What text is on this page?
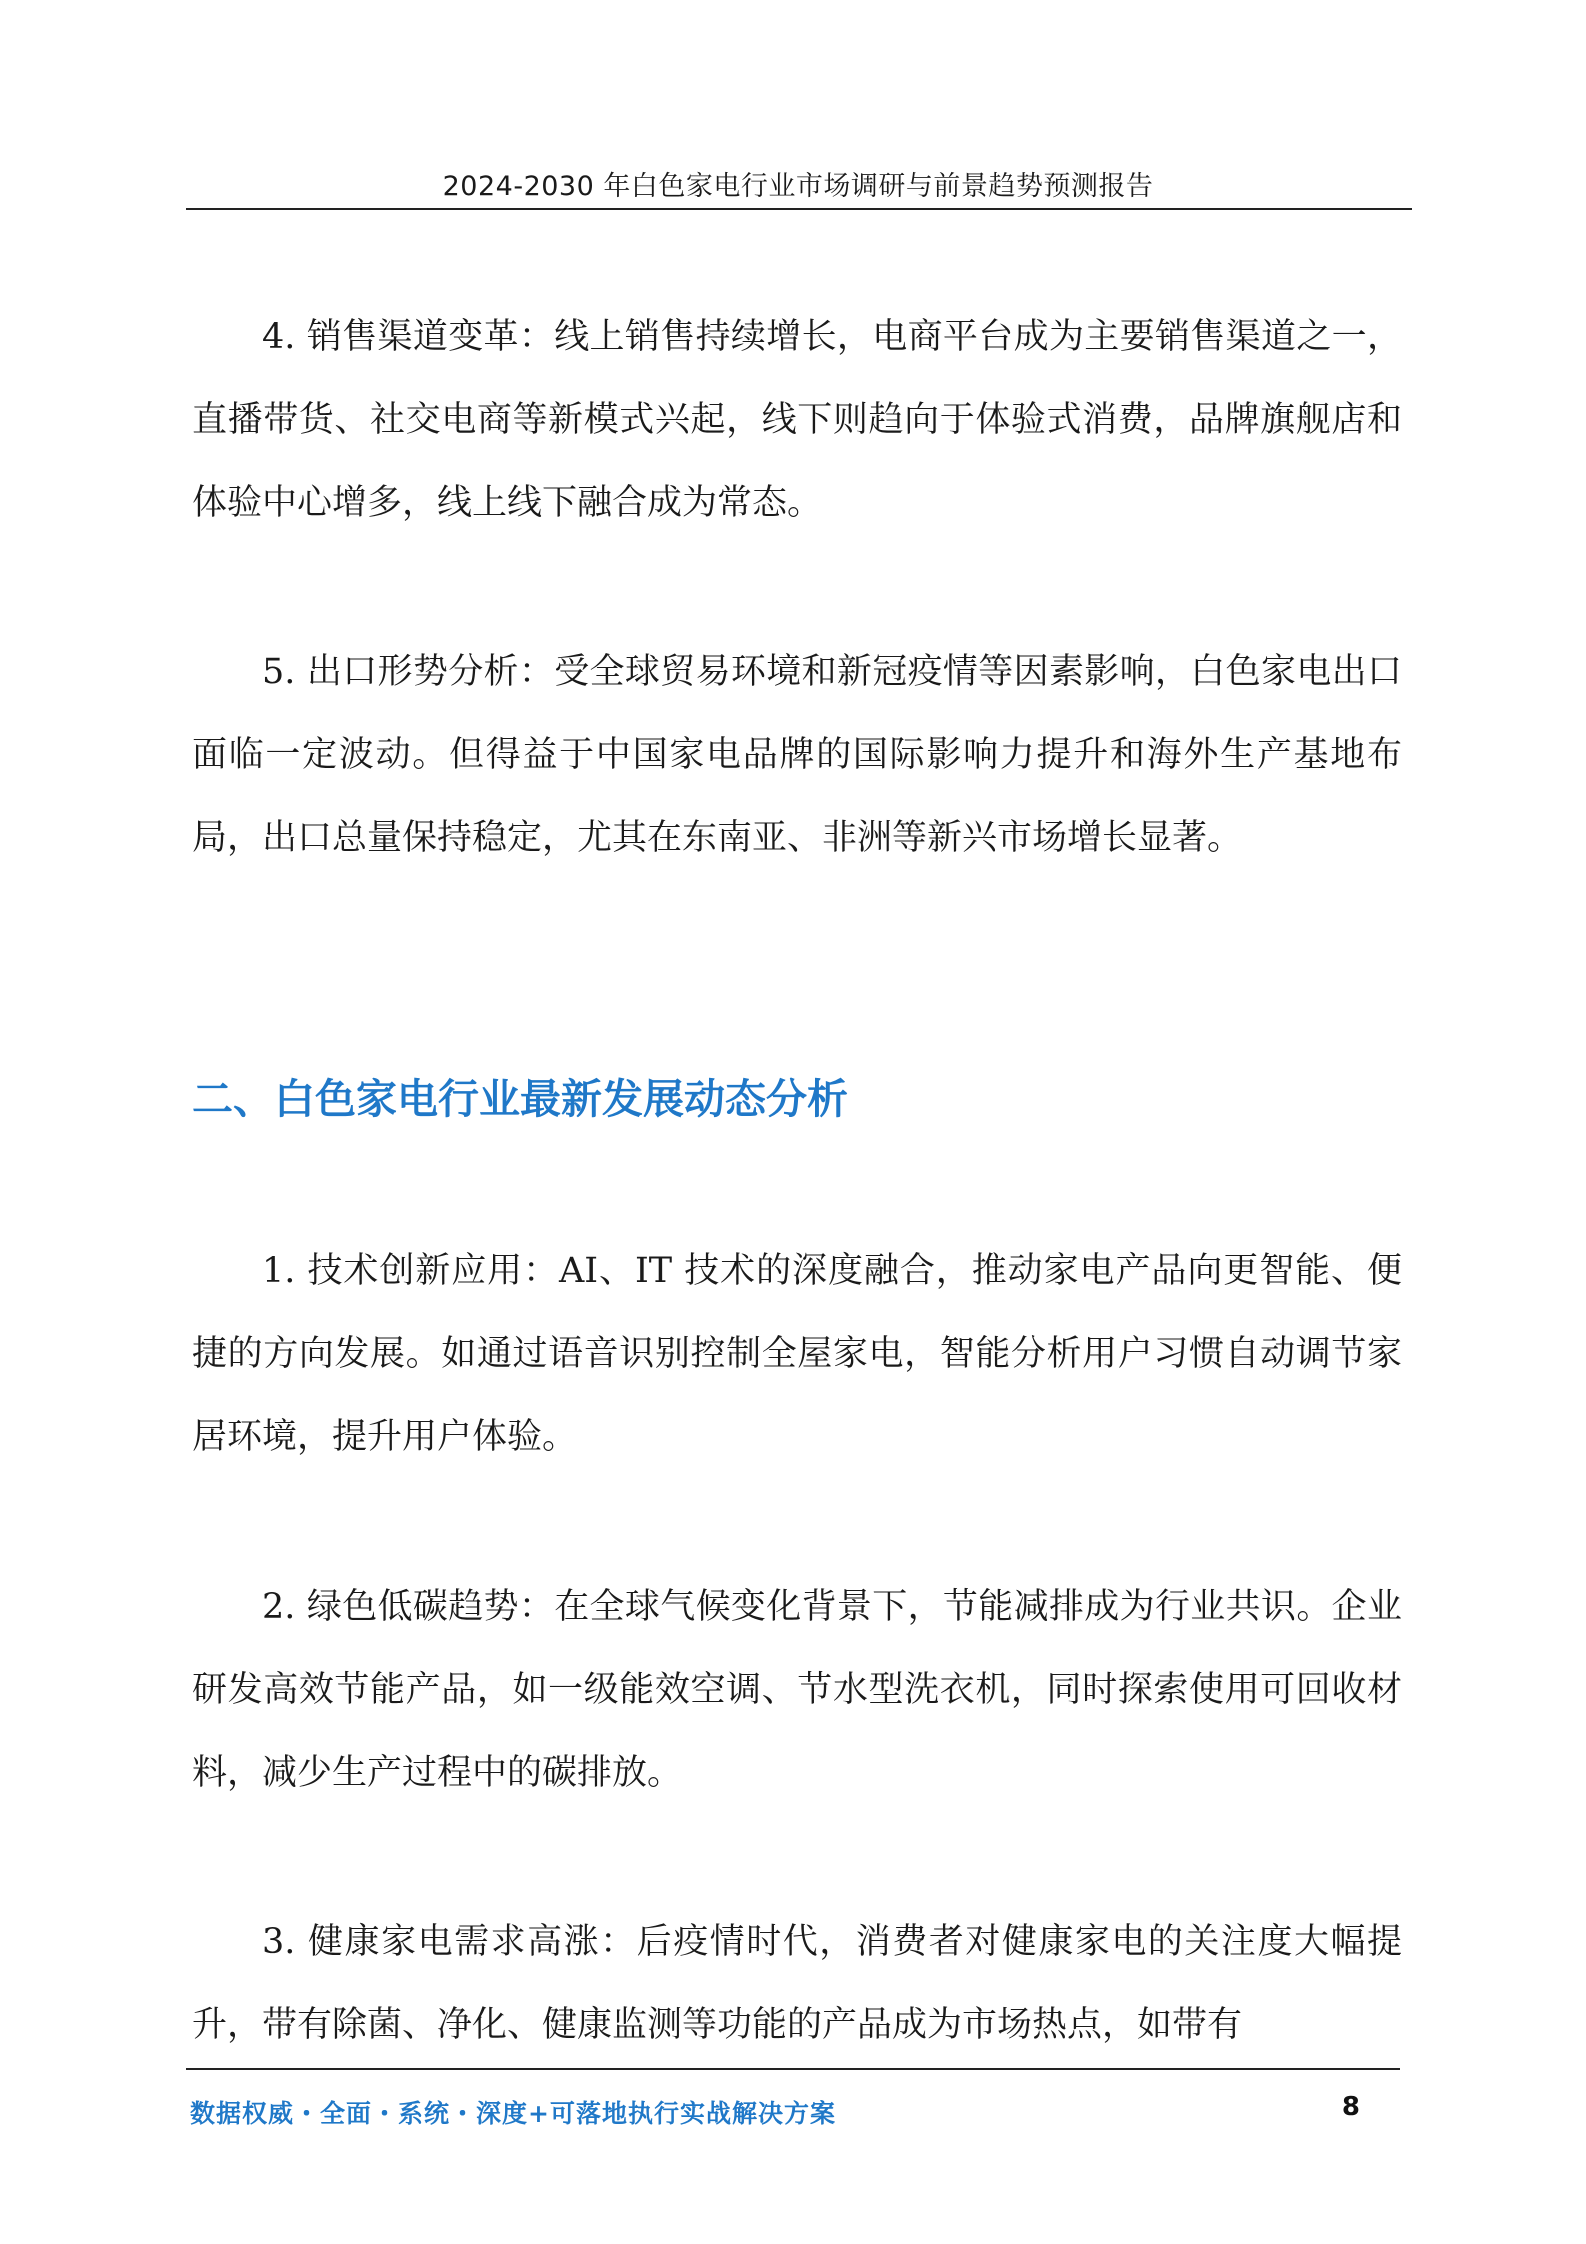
2024-2030 年白色家电行业市场调研与前景趋势预测报告

4. 销售渠道变革：线上销售持续增长，电商平台成为主要销售渠道之一，直播带货、社交电商等新模式兴起，线下则趋向于体验式消费，品牌旗舰店和体验中心增多，线上线下融合成为常态。

5. 出口形势分析：受全球贸易环境和新冠疫情等因素影响，白色家电出口面临一定波动。但得益于中国家电品牌的国际影响力提升和海外生产基地布局，出口总量保持稳定，尤其在东南亚、非洲等新兴市场增长显著。

二、白色家电行业最新发展动态分析

1. 技术创新应用：AI、IT 技术的深度融合，推动家电产品向更智能、便捷的方向发展。如通过语音识别控制全屋家电，智能分析用户习惯自动调节家居环境，提升用户体验。

2. 绿色低碳趋势：在全球气候变化背景下，节能减排成为行业共识。企业研发高效节能产品，如一级能效空调、节水型洗衣机，同时探索使用可回收材料，减少生产过程中的碳排放。

3. 健康家电需求高涨：后疫情时代，消费者对健康家电的关注度大幅提升，带有除菌、净化、健康监测等功能的产品成为市场热点，如带有

数据权威・全面・系统・深度+可落地执行实战解决方案	8
